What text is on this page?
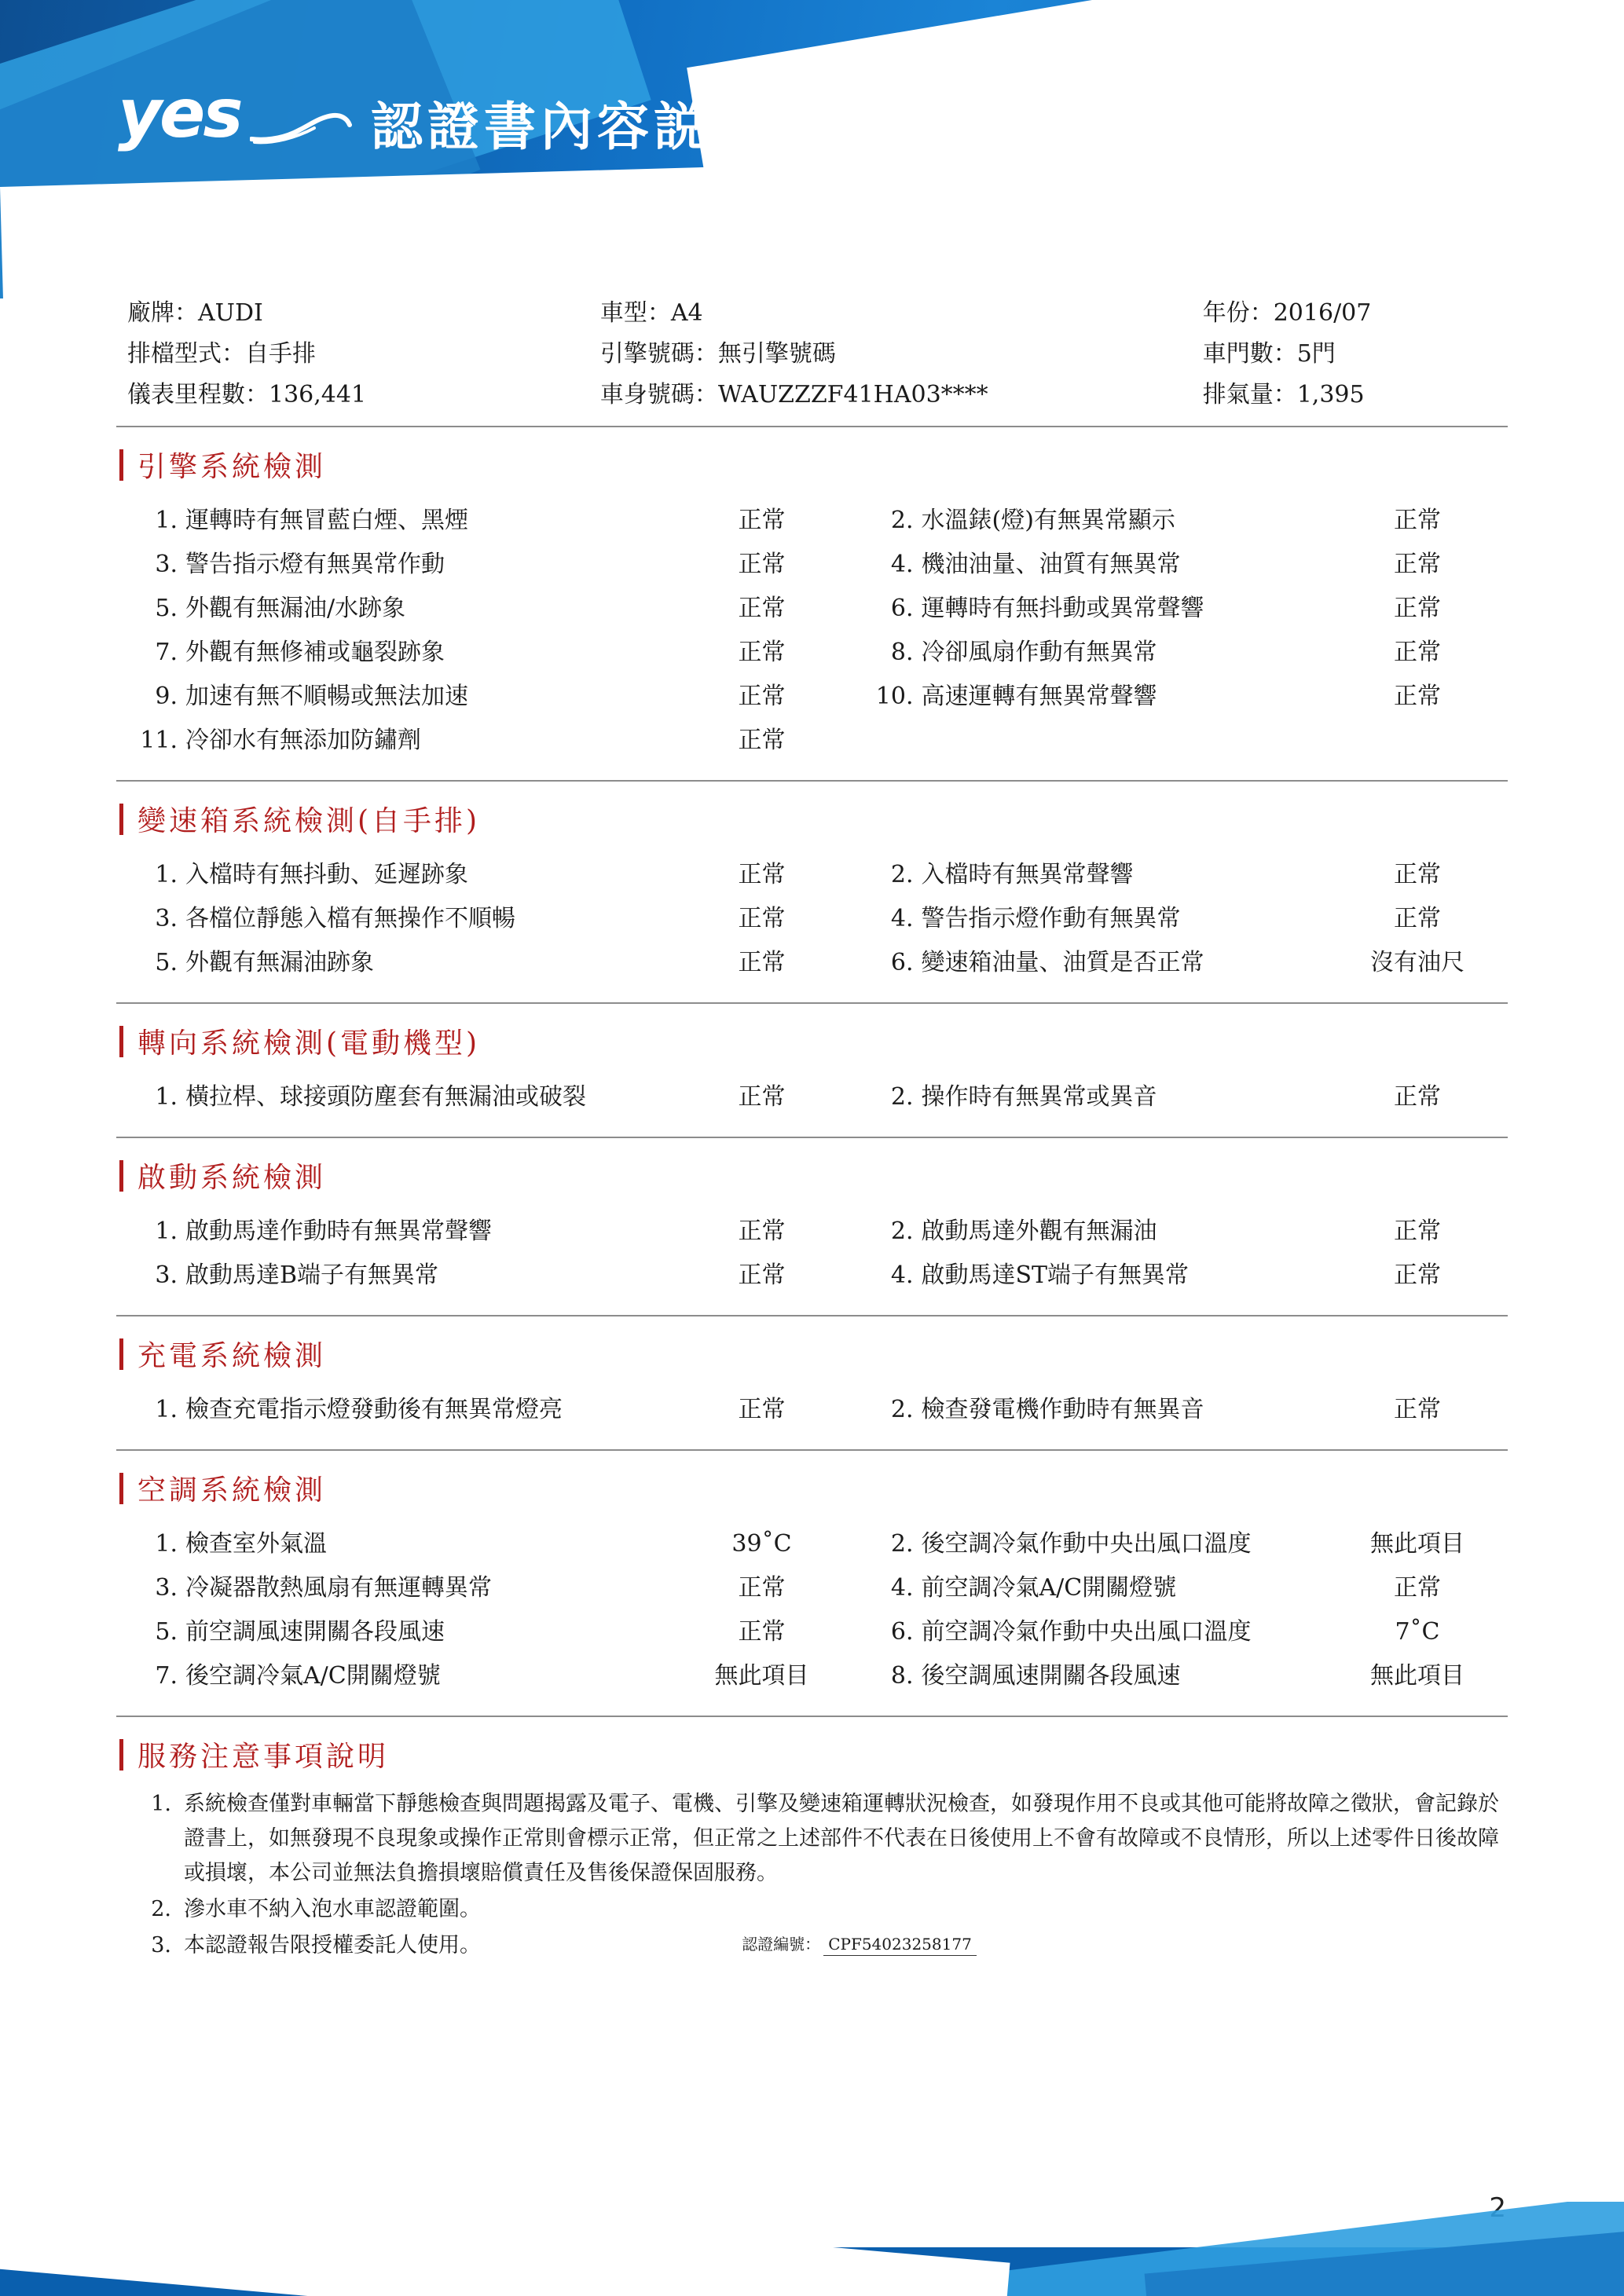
yes	認證書內容説明
廠牌：AUDI	車型：A4	年份：2016/07
排檔型式：自手排	引擎號碼：無引擎號碼	車門數：5門
儀表里程數：136,441	車身號碼：WAUZZZF41HA03****	排氣量：1,395
引擎系統檢測
1. 運轉時有無冒藍白煙、黑煙	正常	2. 水溫錶(燈)有無異常顯示	正常
3. 警告指示燈有無異常作動	正常	4. 機油油量、油質有無異常	正常
5. 外觀有無漏油/水跡象	正常	6. 運轉時有無抖動或異常聲響	正常
7. 外觀有無修補或龜裂跡象	正常	8. 冷卻風扇作動有無異常	正常
9. 加速有無不順暢或無法加速	正常	10. 高速運轉有無異常聲響	正常
11. 冷卻水有無添加防鏽劑	正常
變速箱系統檢測(自手排)
1. 入檔時有無抖動、延遲跡象	正常	2. 入檔時有無異常聲響	正常
3. 各檔位靜態入檔有無操作不順暢	正常	4. 警告指示燈作動有無異常	正常
5. 外觀有無漏油跡象	正常	6. 變速箱油量、油質是否正常	沒有油尺
轉向系統檢測(電動機型)
1. 橫拉桿、球接頭防塵套有無漏油或破裂	正常	2. 操作時有無異常或異音	正常
啟動系統檢測
1. 啟動馬達作動時有無異常聲響	正常	2. 啟動馬達外觀有無漏油	正常
3. 啟動馬達B端子有無異常	正常	4. 啟動馬達ST端子有無異常	正常
充電系統檢測
1. 檢查充電指示燈發動後有無異常燈亮	正常	2. 檢查發電機作動時有無異音	正常
空調系統檢測
1. 檢查室外氣溫	39˚C	2. 後空調冷氣作動中央出風口溫度	無此項目
3. 冷凝器散熱風扇有無運轉異常	正常	4. 前空調冷氣A/C開關燈號	正常
5. 前空調風速開關各段風速	正常	6. 前空調冷氣作動中央出風口溫度	7˚C
7. 後空調冷氣A/C開關燈號	無此項目	8. 後空調風速開關各段風速	無此項目
服務注意事項說明
1. 系統檢查僅對車輛當下靜態檢查與問題揭露及電子、電機、引擎及變速箱運轉狀況檢查，如發現作用不良或其他可能將故障之徵狀，會記錄於證書上，如無發現不良現象或操作正常則會標示正常，但正常之上述部件不代表在日後使用上不會有故障或不良情形，所以上述零件日後故障或損壞，本公司並無法負擔損壞賠償責任及售後保證保固服務。
2. 滲水車不納入泡水車認證範圍。
3. 本認證報告限授權委託人使用。	認證編號： CPF54023258177
2
